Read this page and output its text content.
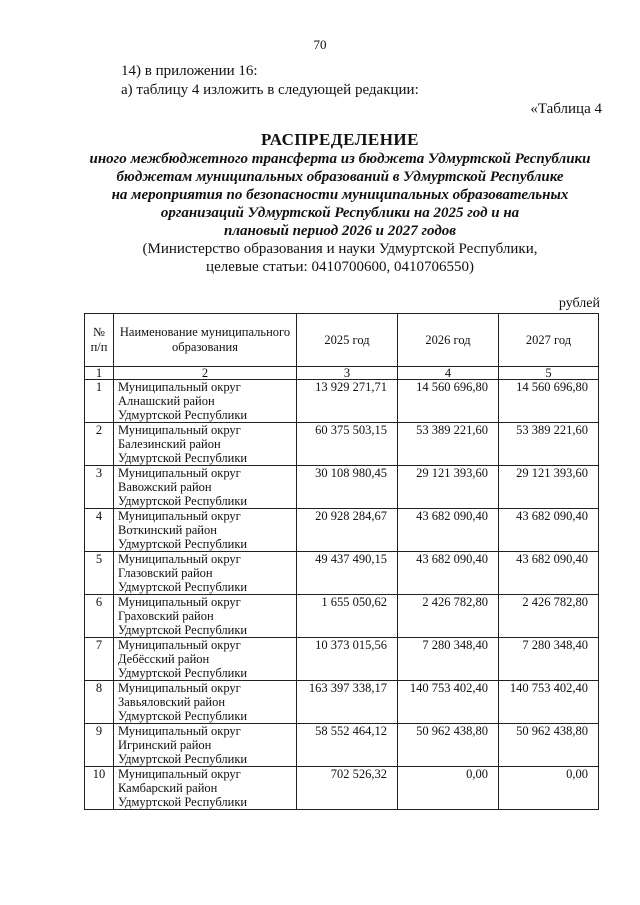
70
14) в приложении 16:
а) таблицу 4 изложить в следующей редакции:
«Таблица 4
РАСПРЕДЕЛЕНИЕ
иного межбюджетного трансферта из бюджета Удмуртской Республики
бюджетам муниципальных образований в Удмуртской Республике
на мероприятия по безопасности муниципальных образовательных
организаций Удмуртской Республики на 2025 год и на
плановый период 2026 и 2027 годов
(Министерство образования и науки Удмуртской Республики,
целевые статьи: 0410700600, 0410706550)
рублей
№ п/п	Наименование муниципального образования	2025 год	2026 год	2027 год
1	2	3	4	5
1	Муниципальный округ
Алнашский район
Удмуртской Республики	13 929 271,71	14 560 696,80	14 560 696,80
2	Муниципальный округ
Балезинский район
Удмуртской Республики	60 375 503,15	53 389 221,60	53 389 221,60
3	Муниципальный округ
Вавожский район
Удмуртской Республики	30 108 980,45	29 121 393,60	29 121 393,60
4	Муниципальный округ
Воткинский район
Удмуртской Республики	20 928 284,67	43 682 090,40	43 682 090,40
5	Муниципальный округ
Глазовский район
Удмуртской Республики	49 437 490,15	43 682 090,40	43 682 090,40
6	Муниципальный округ
Граховский район
Удмуртской Республики	1 655 050,62	2 426 782,80	2 426 782,80
7	Муниципальный округ
Дебёсский район
Удмуртской Республики	10 373 015,56	7 280 348,40	7 280 348,40
8	Муниципальный округ
Завьяловский район
Удмуртской Республики	163 397 338,17	140 753 402,40	140 753 402,40
9	Муниципальный округ
Игринский район
Удмуртской Республики	58 552 464,12	50 962 438,80	50 962 438,80
10	Муниципальный округ
Камбарский район
Удмуртской Республики	702 526,32	0,00	0,00
